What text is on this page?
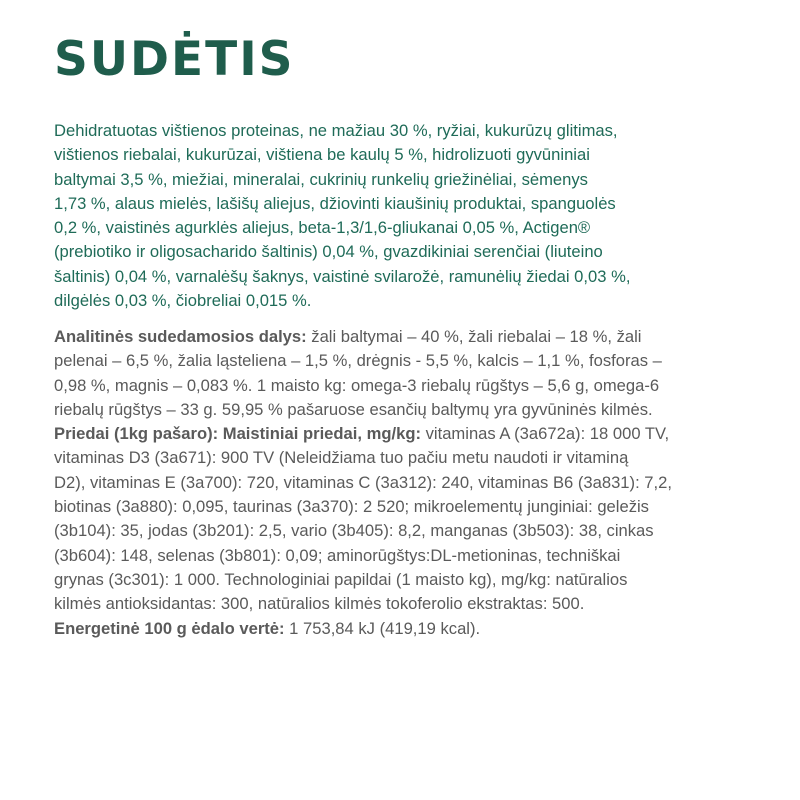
SUDĖTIS
Dehidratuotas vištienos proteinas, ne mažiau 30 %, ryžiai, kukurūzų glitimas,
vištienos riebalai, kukurūzai, vištiena be kaulų 5 %, hidrolizuoti gyvūniniai
baltymai 3,5 %, miežiai, mineralai, cukrinių runkelių griežinėliai, sėmenys
1,73 %, alaus mielės, lašišų aliejus, džiovinti kiaušinių produktai, spanguolės
0,2 %, vaistinės agurklės aliejus, beta-1,3/1,6-gliukanai 0,05 %, Actigen®
(prebiotiko ir oligosacharido šaltinis) 0,04 %, gvazdikiniai serenčiai (liuteino
šaltinis) 0,04 %, varnalėšų šaknys, vaistinė svilarožė, ramunėlių žiedai 0,03 %,
dilgėlės 0,03 %, čiobreliai 0,015 %.
Analitinės sudedamosios dalys: žali baltymai – 40 %, žali riebalai – 18 %, žali
pelenai – 6,5 %, žalia ląsteliena – 1,5 %, drėgnis - 5,5 %, kalcis – 1,1 %, fosforas –
0,98 %, magnis – 0,083 %. 1 maisto kg: omega-3 riebalų rūgštys – 5,6 g, omega-6
riebalų rūgštys – 33 g. 59,95 % pašaruose esančių baltymų yra gyvūninės kilmės.
Priedai (1kg pašaro): Maistiniai priedai, mg/kg: vitaminas A (3a672a): 18 000 TV,
vitaminas D3 (3a671): 900 TV (Neleidžiama tuo pačiu metu naudoti ir vitaminą
D2), vitaminas E (3a700): 720, vitaminas C (3a312): 240, vitaminas B6 (3a831): 7,2,
biotinas (3a880): 0,095, taurinas (3a370): 2 520; mikroelementų junginiai: geležis
(3b104): 35, jodas (3b201): 2,5, vario (3b405): 8,2, manganas (3b503): 38, cinkas
(3b604): 148, selenas (3b801): 0,09; aminorūgštys:DL-metioninas, techniškai
grynas (3c301): 1 000. Technologiniai papildai (1 maisto kg), mg/kg: natūralios
kilmės antioksidantas: 300, natūralios kilmės tokoferolio ekstraktas: 500.
Energetinė 100 g ėdalo vertė: 1 753,84 kJ (419,19 kcal).
